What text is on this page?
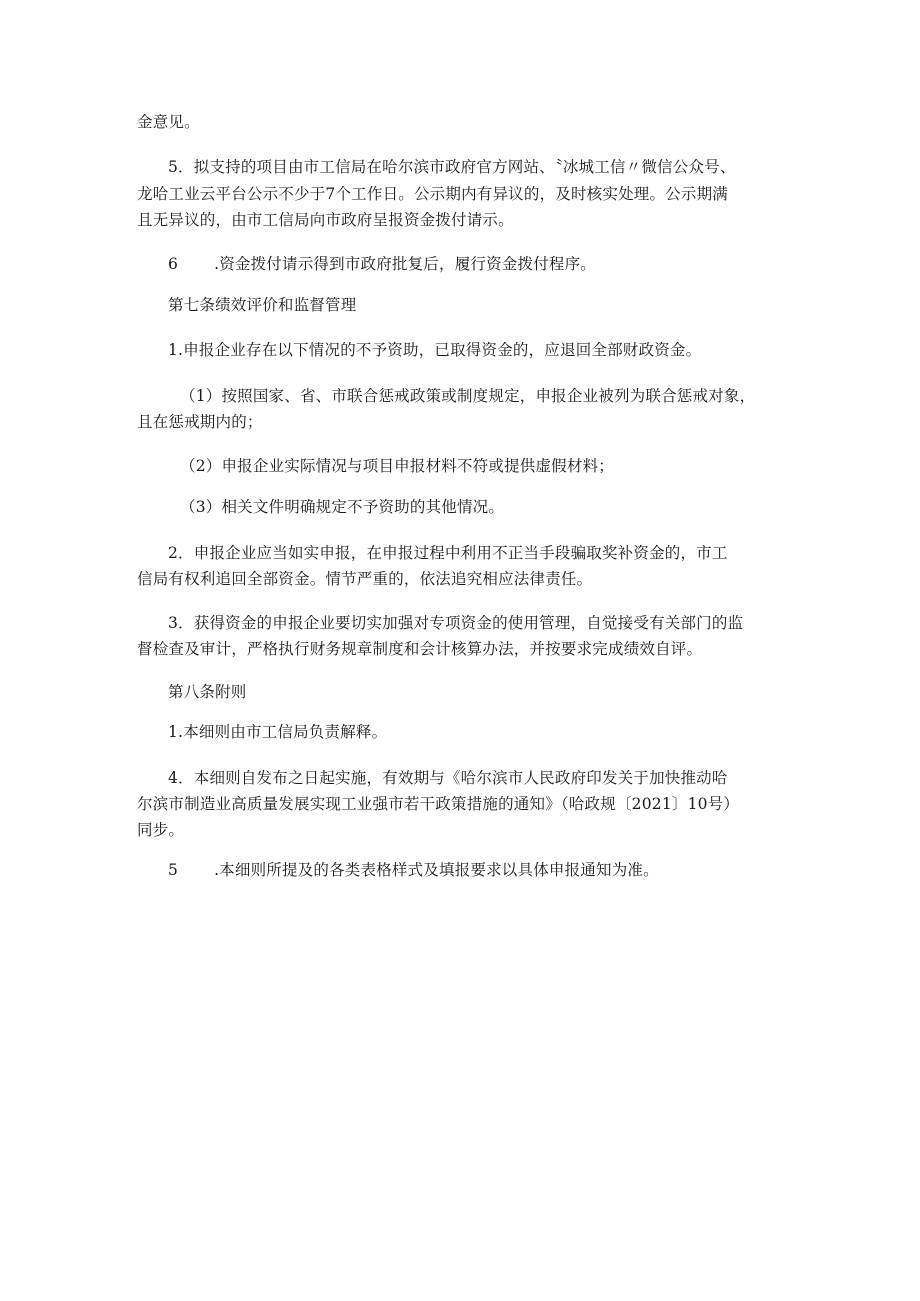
金意见。
5．拟支持的项目由市工信局在哈尔滨市政府官方网站、〝冰城工信〃微信公众号、
龙哈工业云平台公示不少于7个工作日。公示期内有异议的，及时核实处理。公示期满
且无异议的，由市工信局向市政府呈报资金拨付请示。
6 .资金拨付请示得到市政府批复后，履行资金拨付程序。
第七条绩效评价和监督管理
1.申报企业存在以下情况的不予资助，已取得资金的，应退回全部财政资金。
（1）按照国家、省、市联合惩戒政策或制度规定，申报企业被列为联合惩戒对象，
且在惩戒期内的；
（2）申报企业实际情况与项目申报材料不符或提供虚假材料；
（3）相关文件明确规定不予资助的其他情况。
2．申报企业应当如实申报，在申报过程中利用不正当手段骗取奖补资金的，市工
信局有权利追回全部资金。情节严重的，依法追究相应法律责任。
3．获得资金的申报企业要切实加强对专项资金的使用管理，自觉接受有关部门的监
督检查及审计，严格执行财务规章制度和会计核算办法，并按要求完成绩效自评。
第八条附则
1.本细则由市工信局负责解释。
4．本细则自发布之日起实施，有效期与《哈尔滨市人民政府印发关于加快推动哈
尔滨市制造业高质量发展实现工业强市若干政策措施的通知》（哈政规〔2021〕10号）
同步。
5 .本细则所提及的各类表格样式及填报要求以具体申报通知为准。
